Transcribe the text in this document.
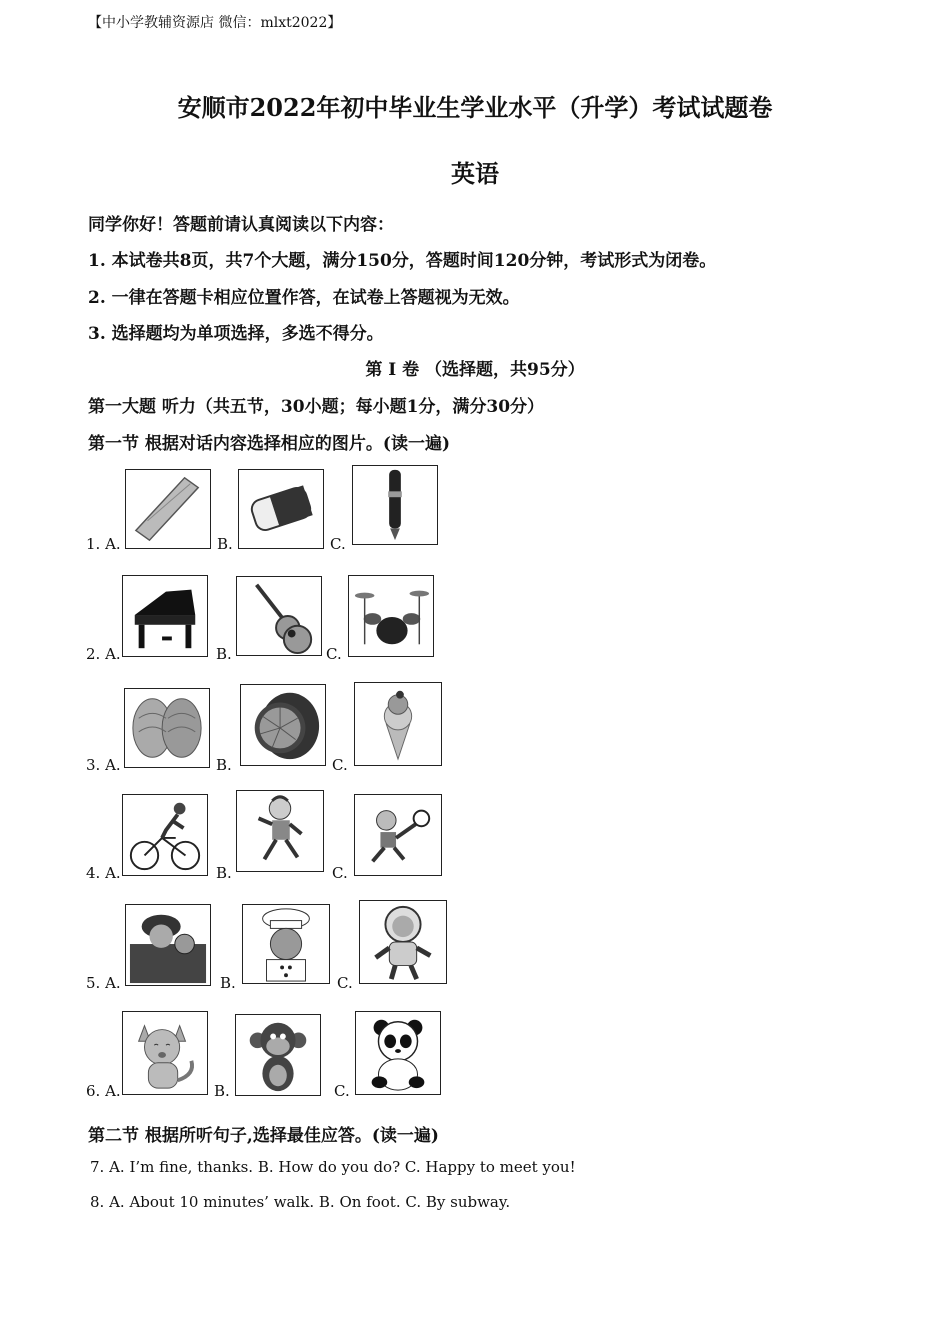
【中小学教辅资源店 微信：mlxt2022】
安顺市2022年初中毕业生学业水平（升学）考试试题卷
英语
同学你好！答题前请认真阅读以下内容：
1. 本试卷共8页，共7个大题，满分150分，答题时间120分钟，考试形式为闭卷。
2. 一律在答题卡相应位置作答，在试卷上答题视为无效。
3. 选择题均为单项选择，多选不得分。
第 I 卷 （选择题，共95分）
第一大题 听力（共五节，30小题；每小题1分，满分30分）
第一节 根据对话内容选择相应的图片。(读一遍)
1. A.	B.	C.
2. A.	B.	C.
3. A.	B.	C.
4. A.	B.	C.
5. A.	B.	C.
6. A.	B.	C.
第二节 根据所听句子,选择最佳应答。(读一遍)
7. A. I’m fine, thanks. B. How do you do? C. Happy to meet you!
8. A. About 10 minutes’ walk. B. On foot. C. By subway.
